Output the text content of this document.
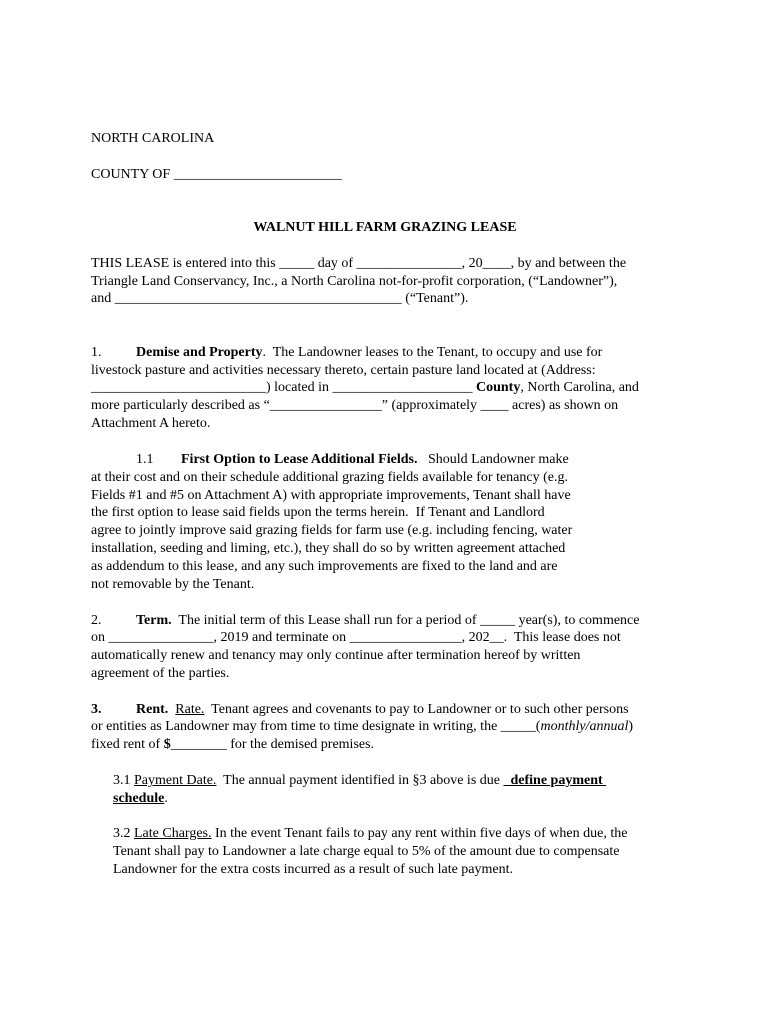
NORTH CAROLINA
COUNTY OF ________________________
WALNUT HILL FARM GRAZING LEASE
THIS LEASE is entered into this _____ day of _______________, 20____, by and between the
Triangle Land Conservancy, Inc., a North Carolina not-for-profit corporation, (“Landowner”),
and _________________________________________ (“Tenant”).
1. Demise and Property.  The Landowner leases to the Tenant, to occupy and use for
livestock pasture and activities necessary thereto, certain pasture land located at (Address:
_________________________) located in ____________________ County, North Carolina, and
more particularly described as “________________” (approximately ____ acres) as shown on
Attachment A hereto.
1.1 First Option to Lease Additional Fields.   Should Landowner make
at their cost and on their schedule additional grazing fields available for tenancy (e.g.
Fields #1 and #5 on Attachment A) with appropriate improvements, Tenant shall have
the first option to lease said fields upon the terms herein.  If Tenant and Landlord
agree to jointly improve said grazing fields for farm use (e.g. including fencing, water
installation, seeding and liming, etc.), they shall do so by written agreement attached
as addendum to this lease, and any such improvements are fixed to the land and are
not removable by the Tenant.
2. Term.  The initial term of this Lease shall run for a period of _____ year(s), to commence
on _______________, 2019 and terminate on ________________, 202__.  This lease does not
automatically renew and tenancy may only continue after termination hereof by written
agreement of the parties.
3. Rent. Rate.  Tenant agrees and covenants to pay to Landowner or to such other persons
or entities as Landowner may from time to time designate in writing, the _____(monthly/annual)
fixed rent of $________ for the demised premises.
3.1 Payment Date.  The annual payment identified in §3 above is due   define payment
schedule.
3.2 Late Charges. In the event Tenant fails to pay any rent within five days of when due, the
Tenant shall pay to Landowner a late charge equal to 5% of the amount due to compensate
Landowner for the extra costs incurred as a result of such late payment.
